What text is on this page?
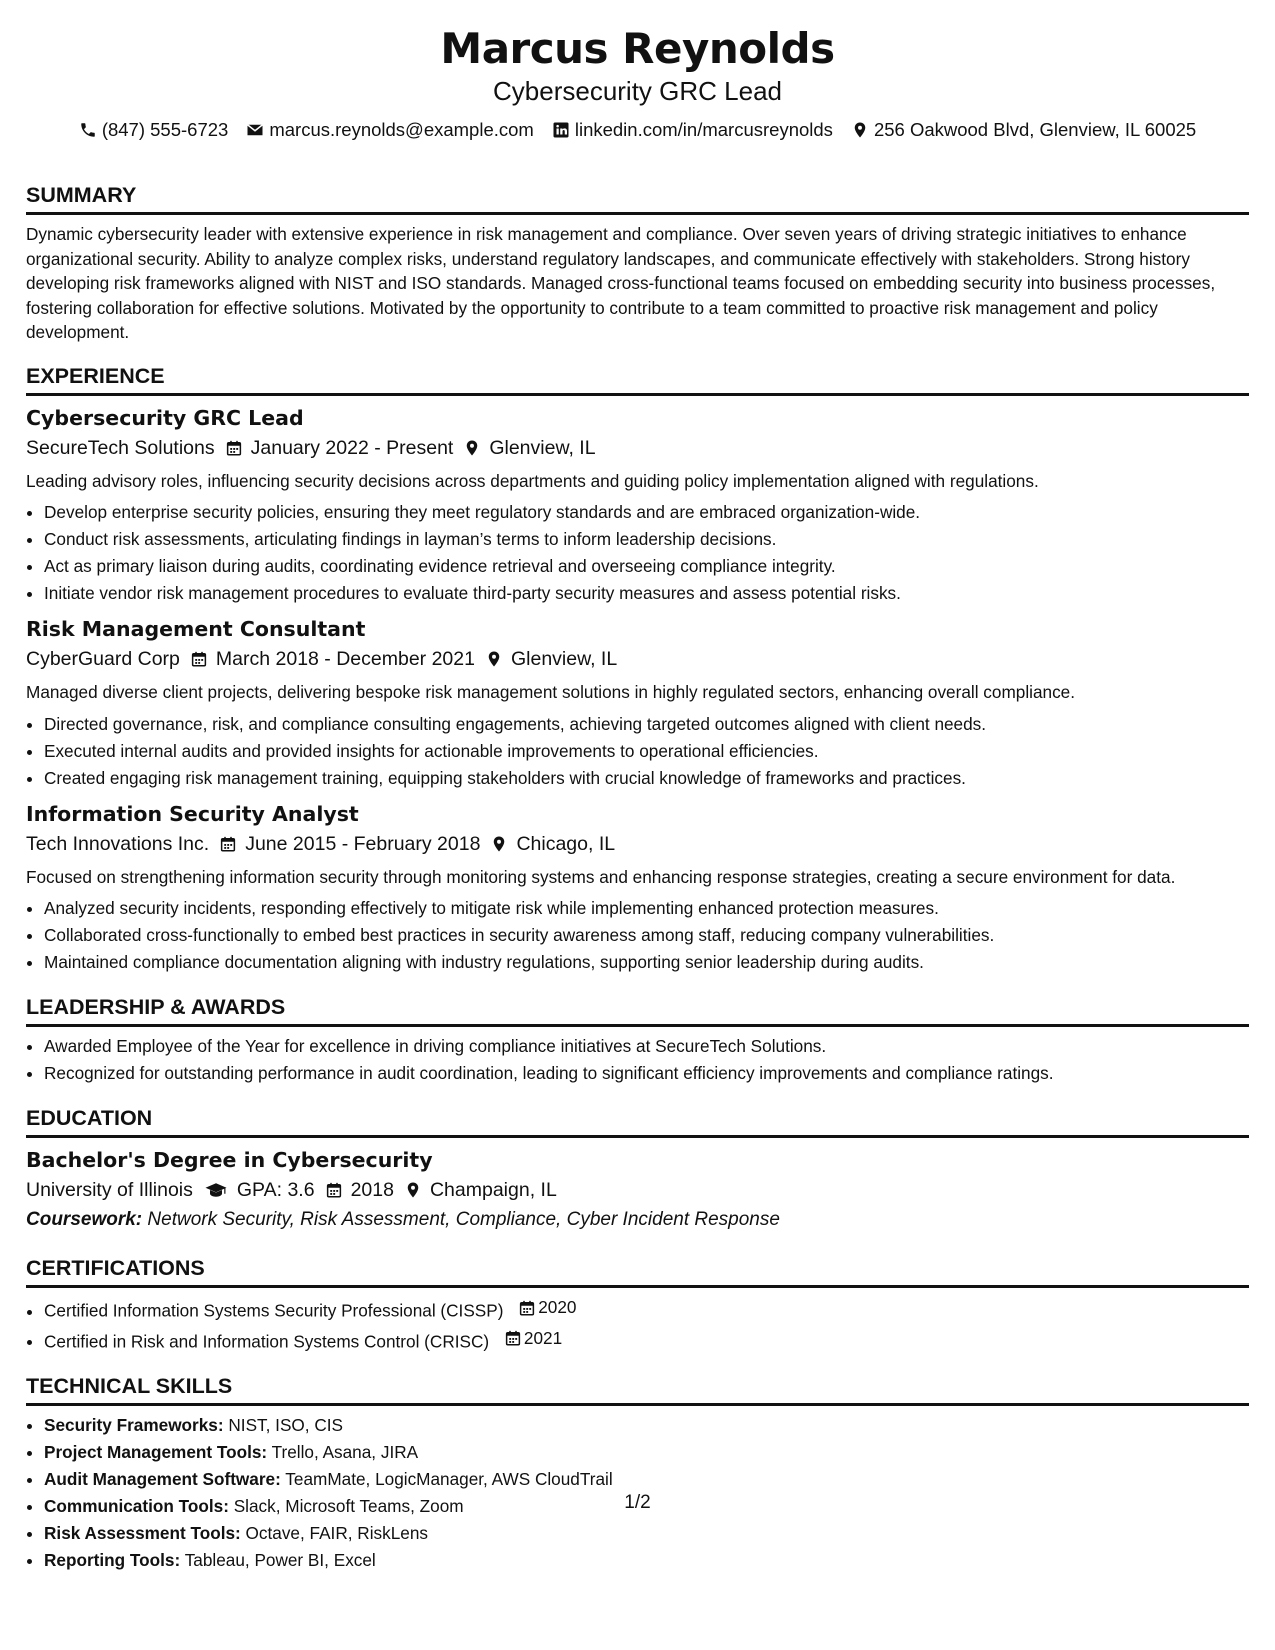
Marcus Reynolds
Cybersecurity GRC Lead
(847) 555-6723 marcus.reynolds@example.com linkedin.com/in/marcusreynolds 256 Oakwood Blvd, Glenview, IL 60025
SUMMARY
Dynamic cybersecurity leader with extensive experience in risk management and compliance. Over seven years of driving strategic initiatives to enhance organizational security. Ability to analyze complex risks, understand regulatory landscapes, and communicate effectively with stakeholders. Strong history developing risk frameworks aligned with NIST and ISO standards. Managed cross-functional teams focused on embedding security into business processes, fostering collaboration for effective solutions. Motivated by the opportunity to contribute to a team committed to proactive risk management and policy development.
EXPERIENCE
Cybersecurity GRC Lead
SecureTech Solutions January 2022 - Present Glenview, IL
Leading advisory roles, influencing security decisions across departments and guiding policy implementation aligned with regulations.
• Develop enterprise security policies, ensuring they meet regulatory standards and are embraced organization-wide.
• Conduct risk assessments, articulating findings in layman’s terms to inform leadership decisions.
• Act as primary liaison during audits, coordinating evidence retrieval and overseeing compliance integrity.
• Initiate vendor risk management procedures to evaluate third-party security measures and assess potential risks.
Risk Management Consultant
CyberGuard Corp March 2018 - December 2021 Glenview, IL
Managed diverse client projects, delivering bespoke risk management solutions in highly regulated sectors, enhancing overall compliance.
• Directed governance, risk, and compliance consulting engagements, achieving targeted outcomes aligned with client needs.
• Executed internal audits and provided insights for actionable improvements to operational efficiencies.
• Created engaging risk management training, equipping stakeholders with crucial knowledge of frameworks and practices.
Information Security Analyst
Tech Innovations Inc. June 2015 - February 2018 Chicago, IL
Focused on strengthening information security through monitoring systems and enhancing response strategies, creating a secure environment for data.
• Analyzed security incidents, responding effectively to mitigate risk while implementing enhanced protection measures.
• Collaborated cross-functionally to embed best practices in security awareness among staff, reducing company vulnerabilities.
• Maintained compliance documentation aligning with industry regulations, supporting senior leadership during audits.
LEADERSHIP & AWARDS
• Awarded Employee of the Year for excellence in driving compliance initiatives at SecureTech Solutions.
• Recognized for outstanding performance in audit coordination, leading to significant efficiency improvements and compliance ratings.
EDUCATION
Bachelor's Degree in Cybersecurity
University of Illinois GPA: 3.6 2018 Champaign, IL
Coursework: Network Security, Risk Assessment, Compliance, Cyber Incident Response
CERTIFICATIONS
• Certified Information Systems Security Professional (CISSP) 2020
• Certified in Risk and Information Systems Control (CRISC) 2021
TECHNICAL SKILLS
• Security Frameworks: NIST, ISO, CIS
• Project Management Tools: Trello, Asana, JIRA
• Audit Management Software: TeamMate, LogicManager, AWS CloudTrail
• Communication Tools: Slack, Microsoft Teams, Zoom
• Risk Assessment Tools: Octave, FAIR, RiskLens
• Reporting Tools: Tableau, Power BI, Excel
1/2
